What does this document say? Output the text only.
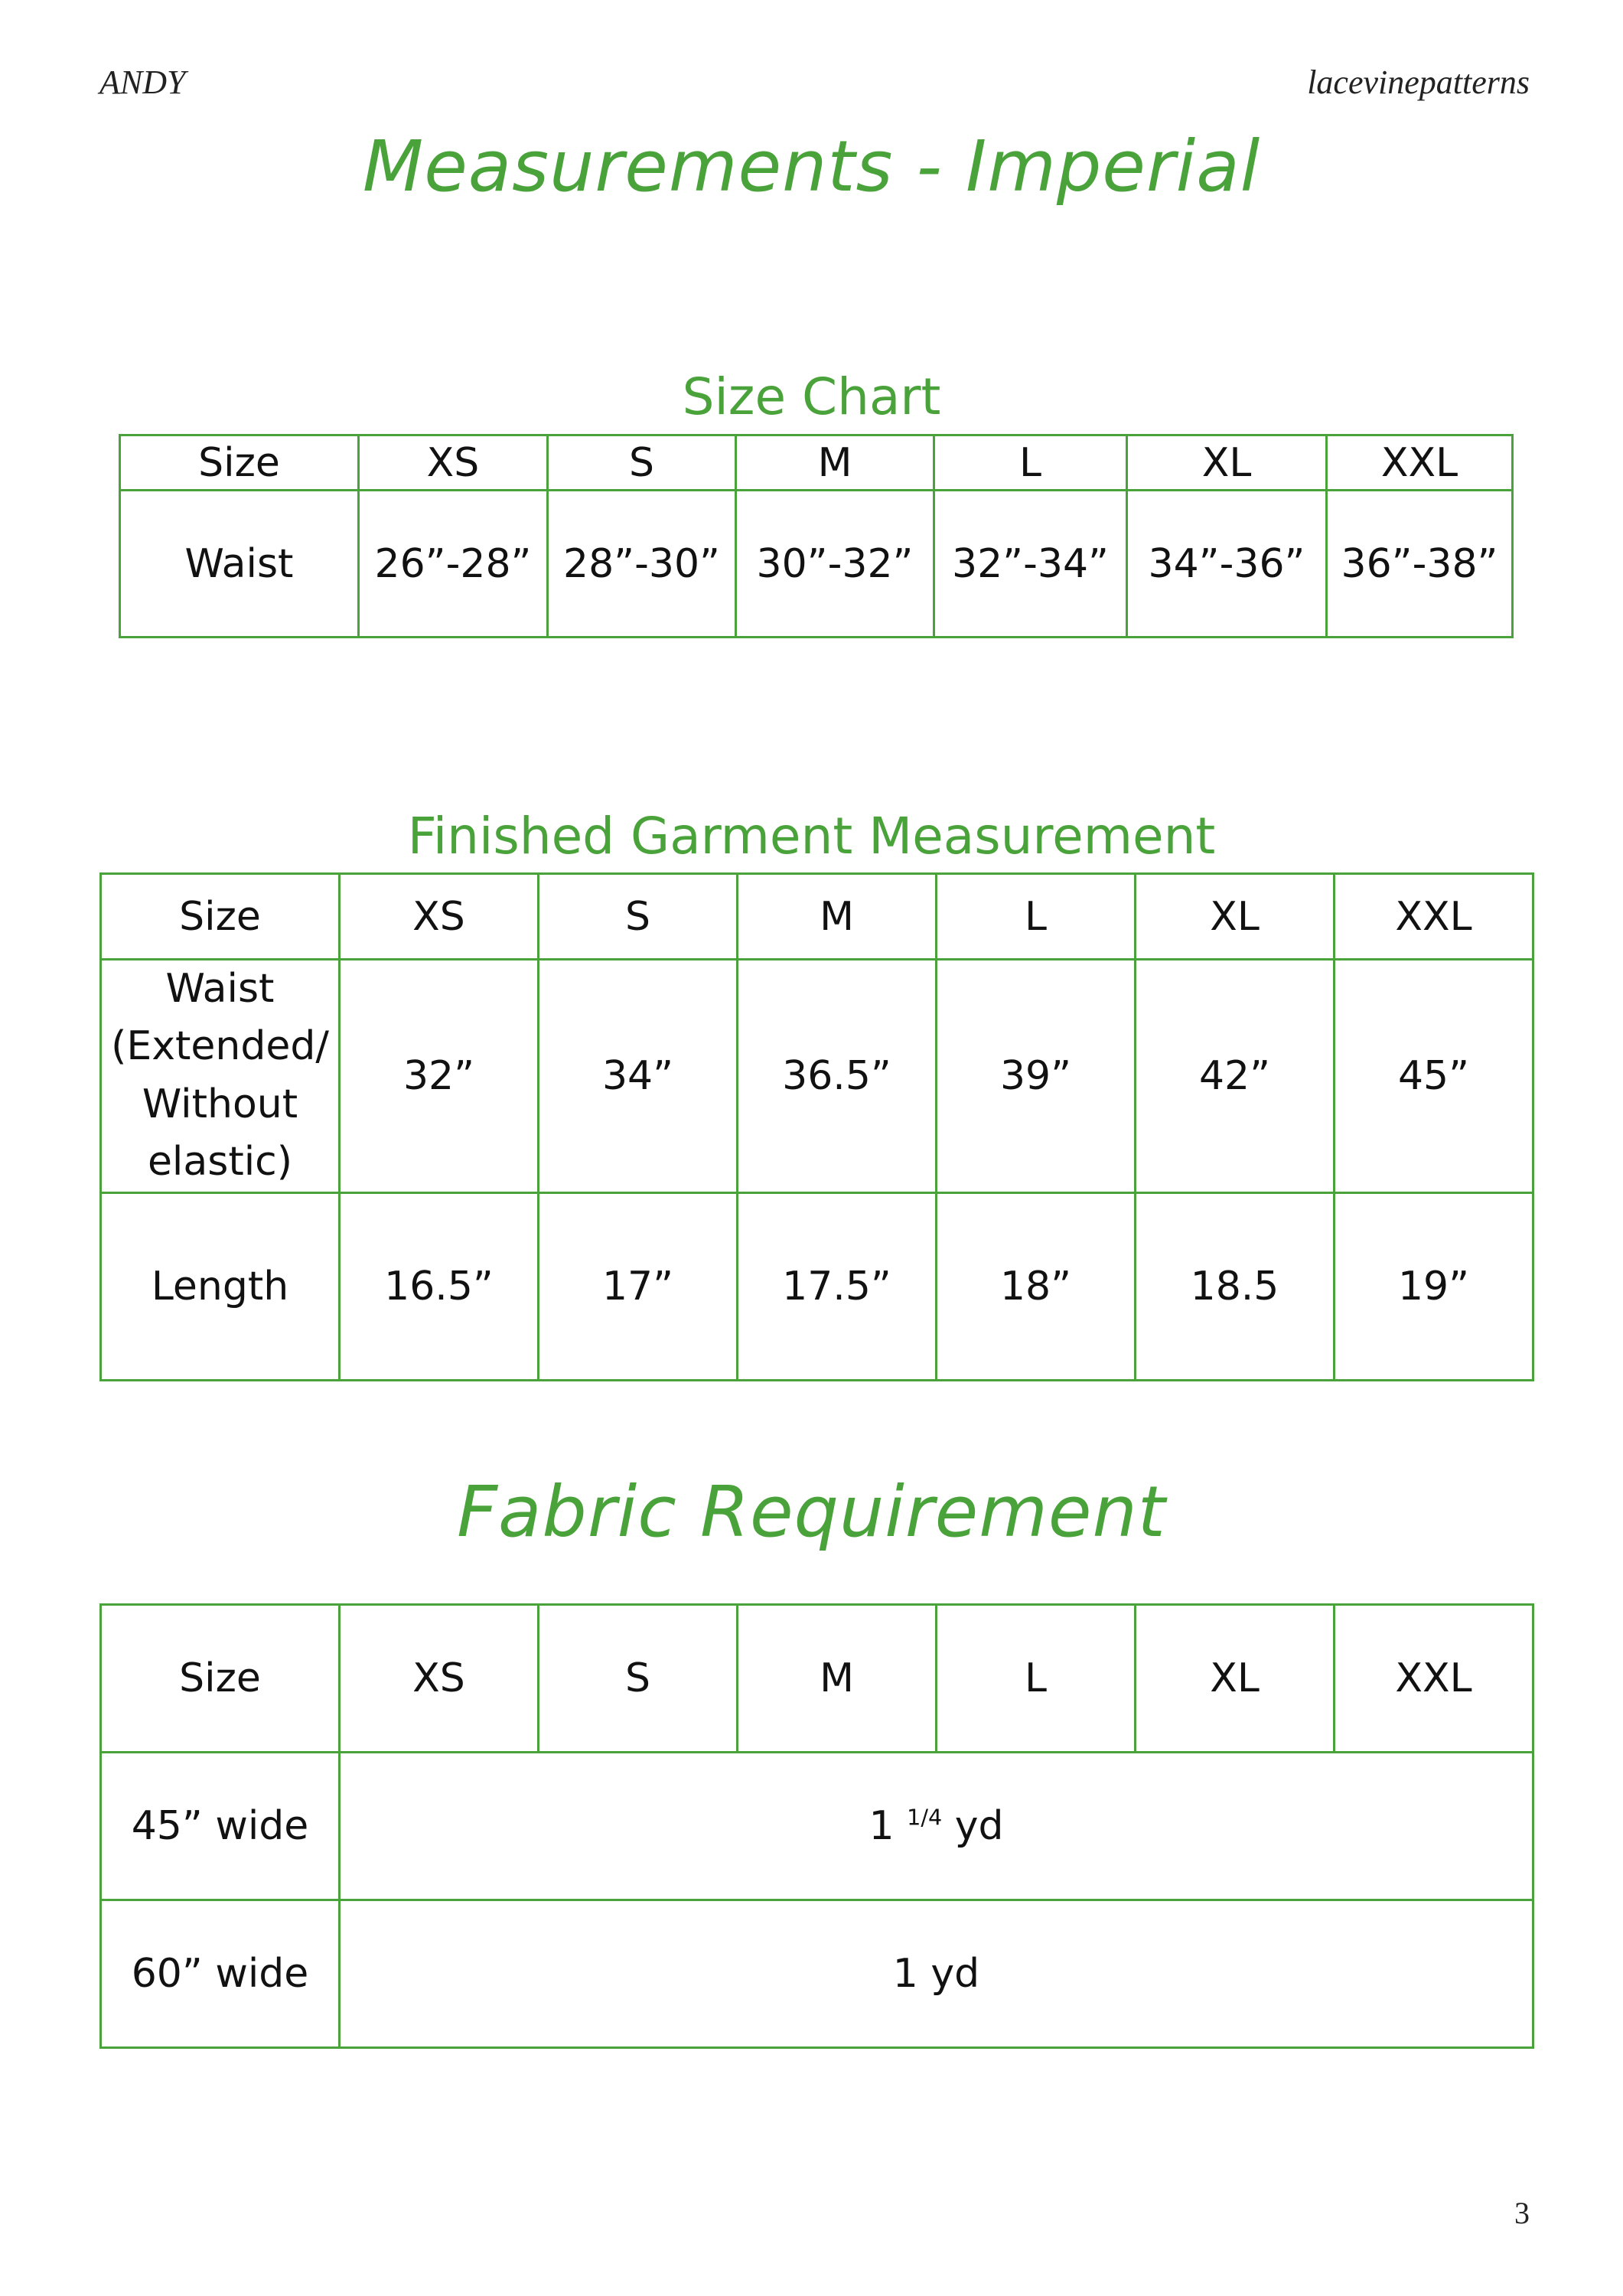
ANDY	lacevinepatterns
Measurements - Imperial
Size Chart
Size	XS	S	M	L	XL	XXL
Waist	26”-28”	28”-30”	30”-32”	32”-34”	34”-36”	36”-38”
Finished Garment Measurement
Size	XS	S	M	L	XL	XXL

Waist
(Extended/
Without
elastic)	32”	34”	36.5”	39”	42”	45”
Length	16.5”	17”	17.5”	18”	18.5	19”
Fabric Requirement
Size	XS	S	M	L	XL	XXL
45” wide	1 $^{1/4}$ yd					
60” wide	1 yd					
3
